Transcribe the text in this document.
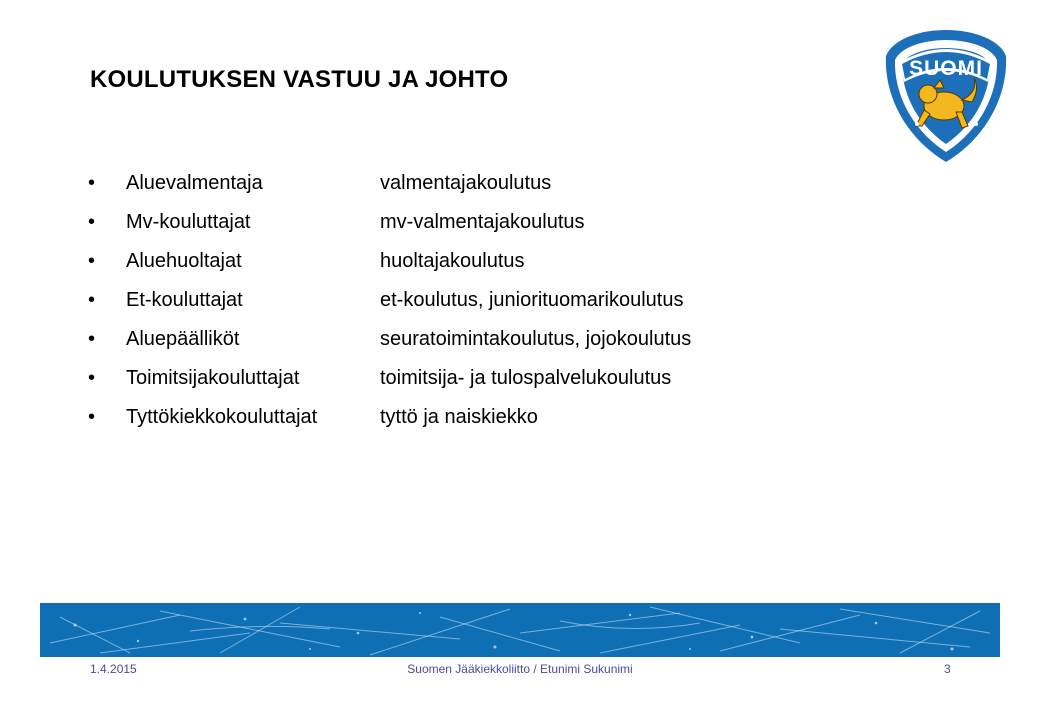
KOULUTUKSEN VASTUU JA JOHTO	SUOMI
•	Aluevalmentaja	valmentajakoulutus
•	Mv-kouluttajat	mv-valmentajakoulutus
•	Aluehuoltajat	huoltajakoulutus
•	Et-kouluttajat	et-koulutus, juniorituomarikoulutus
•	Aluepäälliköt	seuratoimintakoulutus, jojokoulutus
•	Toimitsijakouluttajat	toimitsija- ja tulospalvelukoulutus
•	Tyttökiekkokouluttajat	tyttö ja naiskiekko
1.4.2015	Suomen Jääkiekkoliitto / Etunimi Sukunimi	3
